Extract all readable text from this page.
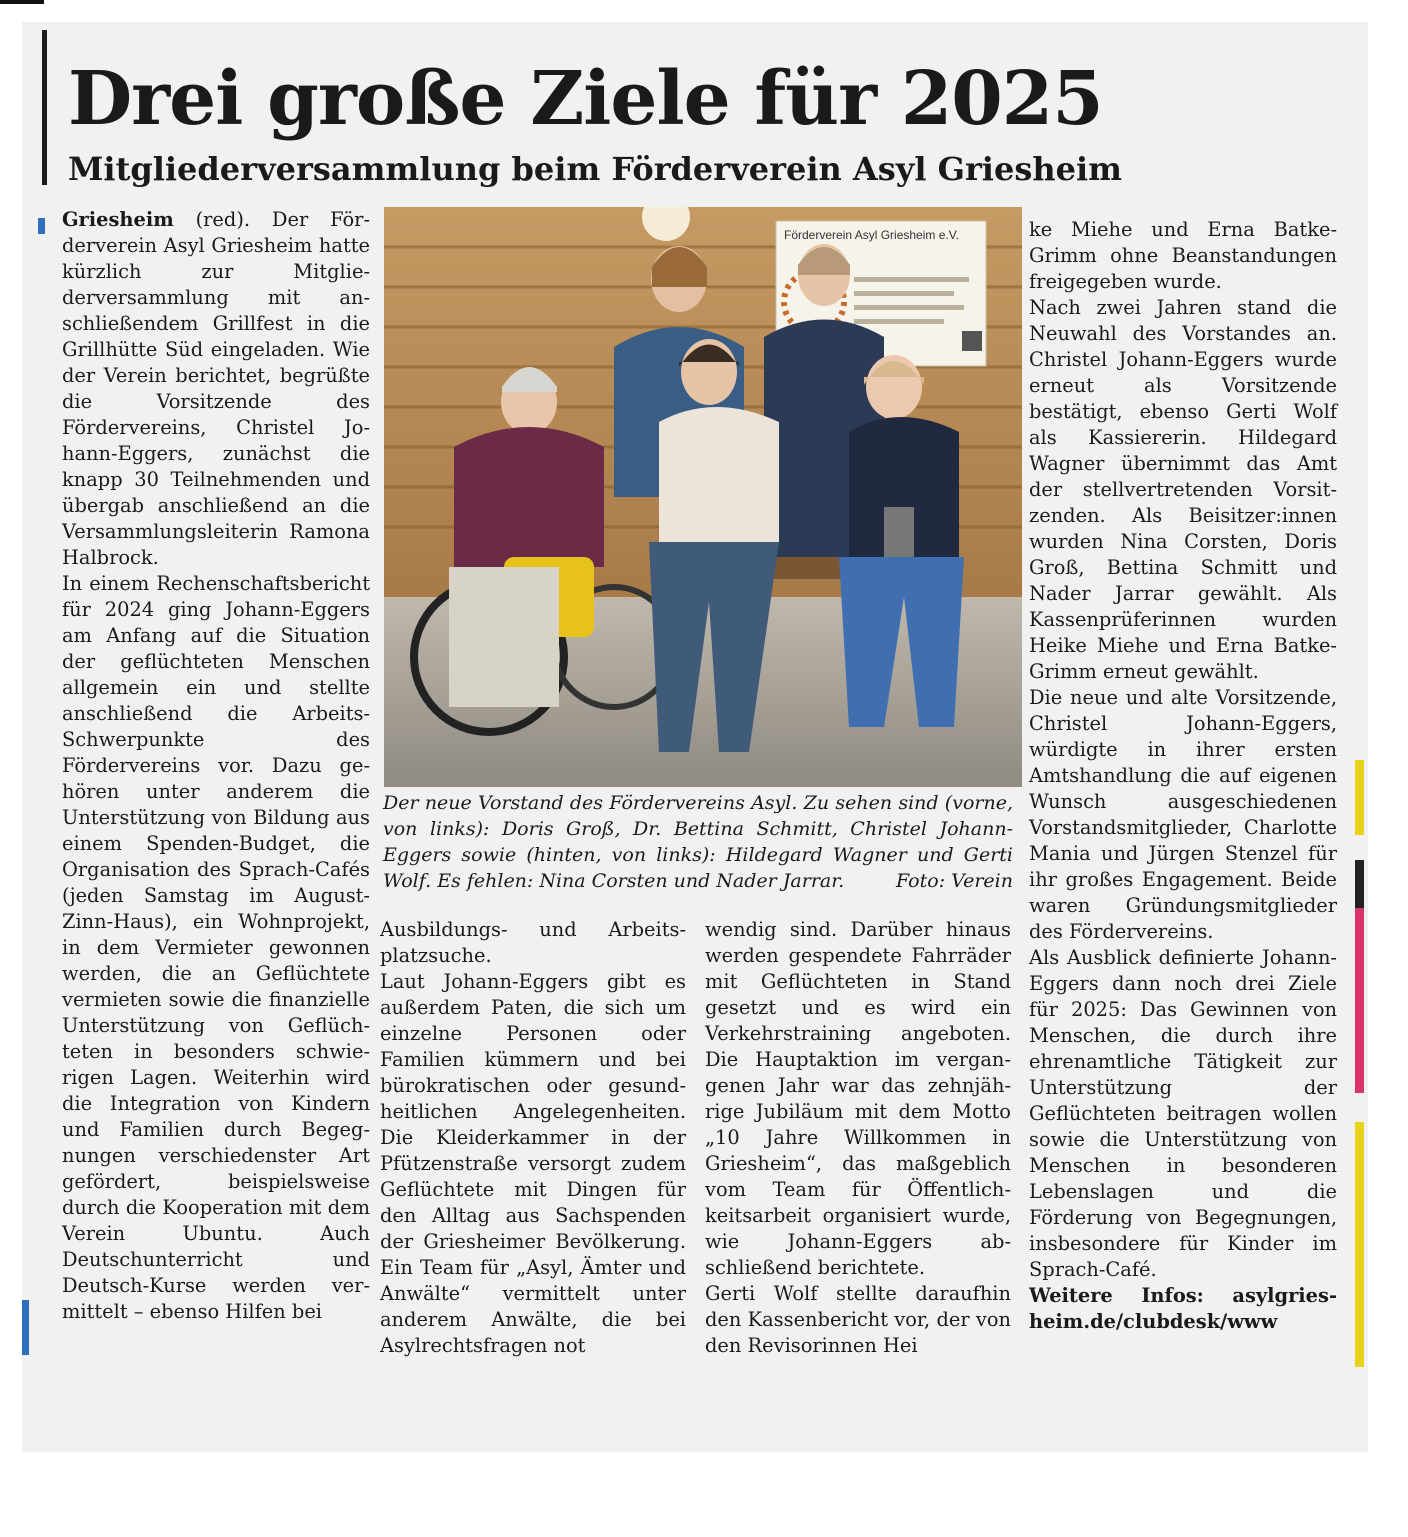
Drei große Ziele für 2025
Mitgliederversammlung beim Förderverein Asyl Griesheim

Griesheim (red). Der Förderverein Asyl Griesheim hatte kürzlich zur Mitgliederversammlung mit anschließendem Grillfest in die Grillhütte Süd eingeladen. Wie der Verein berichtet, begrüßte die Vorsitzende des Fördervereins, Christel Johann-Eggers, zunächst die knapp 30 Teilnehmenden und übergab anschließend an die Versammlungsleiterin Ramona Halbrock.

In einem Rechenschaftsbericht für 2024 ging Johann-Eggers am Anfang auf die Situation der geflüchteten Menschen allgemein ein und stellte anschließend die Arbeits-Schwerpunkte des Fördervereins vor. Dazu gehören unter anderem die Unterstützung von Bildung aus einem Spenden-Budget, die Organisation des Sprach-Cafés (jeden Samstag im August-Zinn-Haus), ein Wohnprojekt, in dem Vermieter gewonnen werden, die an Geflüchtete vermieten sowie die finanzielle Unterstützung von Geflüchteten in besonders schwierigen Lagen. Weiterhin wird die Integration von Kindern und Familien durch Begegnungen verschiedenster Art gefördert, beispielsweise durch die Kooperation mit dem Verein Ubuntu. Auch Deutschunterricht und Deutsch-Kurse werden vermittelt – ebenso Hilfen bei

Förderverein Asyl Griesheim e.V.
Der neue Vorstand des Fördervereins Asyl. Zu sehen sind (vorne, von links): Doris Groß, Dr. Bettina Schmitt, Christel Johann-Eggers sowie (hinten, von links): Hildegard Wagner und Gerti Wolf. Es fehlen: Nina Corsten und Nader Jarrar.	Foto: Verein

Ausbildungs- und Arbeitsplatzsuche.

Laut Johann-Eggers gibt es außerdem Paten, die sich um einzelne Personen oder Familien kümmern und bei bürokratischen oder gesundheitlichen Angelegenheiten. Die Kleiderkammer in der Pfützenstraße versorgt zudem Geflüchtete mit Dingen für den Alltag aus Sachspenden der Griesheimer Bevölkerung. Ein Team für „Asyl, Ämter und Anwälte“ vermittelt unter anderem Anwälte, die bei Asylrechtsfragen not

wendig sind. Darüber hinaus werden gespendete Fahrräder mit Geflüchteten in Stand gesetzt und es wird ein Verkehrstraining angeboten. Die Hauptaktion im vergangenen Jahr war das zehnjährige Jubiläum mit dem Motto „10 Jahre Willkommen in Griesheim“, das maßgeblich vom Team für Öffentlichkeitsarbeit organisiert wurde, wie Johann-Eggers abschließend berichtete.

Gerti Wolf stellte daraufhin den Kassenbericht vor, der von den Revisorinnen Hei

ke Miehe und Erna Batke-Grimm ohne Beanstandungen freigegeben wurde.

Nach zwei Jahren stand die Neuwahl des Vorstandes an. Christel Johann-Eggers wurde erneut als Vorsitzende bestätigt, ebenso Gerti Wolf als Kassiererin. Hildegard Wagner übernimmt das Amt der stellvertretenden Vorsitzenden. Als Beisitzer:innen wurden Nina Corsten, Doris Groß, Bettina Schmitt und Nader Jarrar gewählt. Als Kassenprüferinnen wurden Heike Miehe und Erna Batke-Grimm erneut gewählt.

Die neue und alte Vorsitzende, Christel Johann-Eggers, würdigte in ihrer ersten Amtshandlung die auf eigenen Wunsch ausgeschiedenen Vorstandsmitglieder, Charlotte Mania und Jürgen Stenzel für ihr großes Engagement. Beide waren Gründungsmitglieder des Fördervereins.

Als Ausblick definierte Johann-Eggers dann noch drei Ziele für 2025: Das Gewinnen von Menschen, die durch ihre ehrenamtliche Tätigkeit zur Unterstützung der Geflüchteten beitragen wollen sowie die Unterstützung von Menschen in besonderen Lebenslagen und die Förderung von Begegnungen, insbesondere für Kinder im Sprach-Café.

Weitere Infos: asylgriesheim.de/clubdesk/www
